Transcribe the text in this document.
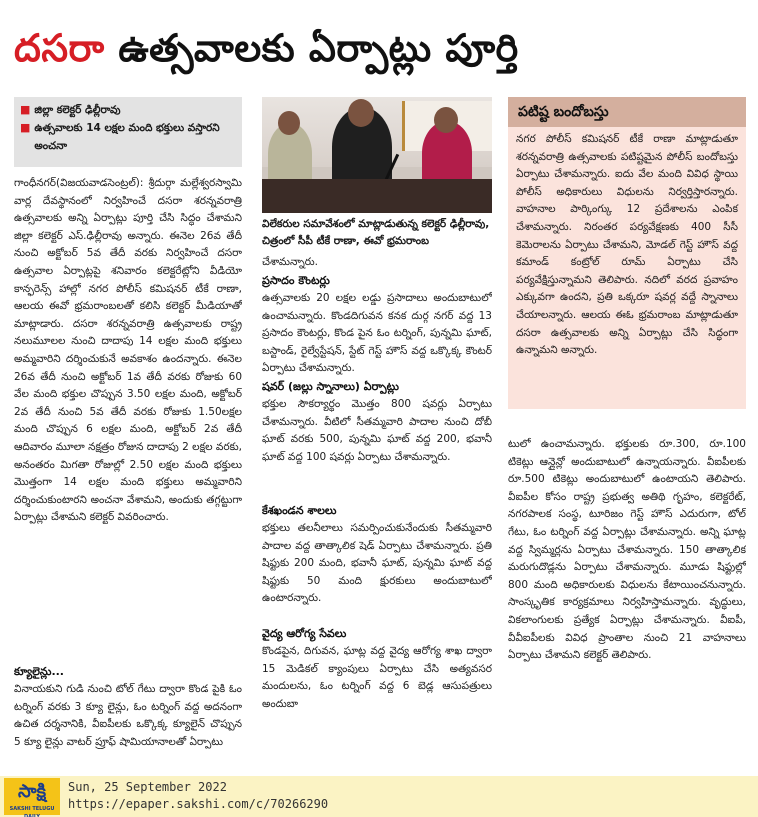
దసరా ఉత్సవాలకు ఏర్పాట్లు పూర్తి
■ జిల్లా కలెక్టర్ ఢిల్లీరావు
■ ఉత్సవాలకు 14 లక్షల మంది భక్తులు వస్తారని అంచనా
గాంధీనగర్(విజయవాడసెంట్రల్): శ్రీదుర్గా మల్లేశ్వరస్వామి వార్ల దేవస్థానంలో నిర్వహించే దసరా శరన్నవరాత్రి ఉత్సవాలకు అన్ని ఏర్పాట్లు పూర్తి చేసి సిద్ధం చేశామని జిల్లా కలెక్టర్ ఎస్.ఢిల్లీరావు అన్నారు. ఈనెల 26వ తేదీ నుంచి అక్టోబర్ 5వ తేదీ వరకు నిర్వహించే దసరా ఉత్సవాల ఏర్పాట్లపై శనివారం కలెక్టరేట్లోని వీడియో కాన్ఫరెన్స్ హాల్లో నగర పోలీస్ కమిషనర్ టీకే రాణా, ఆలయ ఈవో భ్రమరాంబలతో కలిసి కలెక్టర్ మీడియాతో మాట్లాడారు. దసరా శరన్నవరాత్రి ఉత్సవాలకు రాష్ట్ర నలుమూలల నుంచి దాదాపు 14 లక్షల మంది భక్తులు అమ్మవారిని దర్శించుకునే అవకాశం ఉందన్నారు. ఈనెల 26వ తేదీ నుంచి అక్టోబర్ 1వ తేదీ వరకు రోజుకు 60 వేల మంది భక్తుల చొప్పున 3.50 లక్షల మంది, అక్టోబర్ 2వ తేదీ నుంచి 5వ తేదీ వరకు రోజుకు 1.50లక్షల మంది చొప్పున 6 లక్షల మంది, అక్టోబర్ 2వ తేదీ ఆదివారం మూలా నక్షత్రం రోజున దాదాపు 2 లక్షల వరకు, అనంతరం మిగతా రోజుల్లో 2.50 లక్షల మంది భక్తులు మొత్తంగా 14 లక్షల మంది భక్తులు అమ్మవారిని దర్శించుకుంటారని అంచనా వేశామని, అందుకు తగ్గట్టుగా ఏర్పాట్లు చేశామని కలెక్టర్ వివరించారు.
క్యూలైన్లు...
వినాయకుని గుడి నుంచి టోల్ గేటు ద్వారా కొండ పైకి ఓం టర్నింగ్ వరకు 3 క్యూ లైన్లు, ఓం టర్నింగ్ వద్ద అదనంగా ఉచిత దర్శనానికి, వీఐపీలకు ఒక్కొక్క క్యూలైన్ చొప్పున 5 క్యూ లైన్లు వాటర్ ప్రూఫ్ షామియానాలతో ఏర్పాటు
విలేకరుల సమావేశంలో మాట్లాడుతున్న కలెక్టర్ ఢిల్లీరావు, చిత్రంలో సీపీ టీకే రాణా, ఈవో భ్రమరాంబ
చేశామన్నారు.
ప్రసాదం కౌంటర్లు
ఉత్సవాలకు 20 లక్షల లడ్డు ప్రసాదాలు అందుబాటులో ఉంచామన్నారు. కొండదిగువన కనక దుర్గ నగర్ వద్ద 13 ప్రసాదం కౌంటర్లు, కొండ పైన ఓం టర్నింగ్, పున్నమి ఘాట్, బస్టాండ్, రైల్వేస్టేషన్, స్టేట్ గెస్ట్ హౌస్ వద్ద ఒక్కొక్క కౌంటర్ ఏర్పాటు చేశామన్నారు.
షవర్ (జల్లు స్నానాలు) ఏర్పాట్లు
భక్తుల సౌకర్యార్థం మొత్తం 800 షవర్లు ఏర్పాటు చేశామన్నారు. వీటిలో సీతమ్మవారి పాదాల నుంచి దోబీ ఘాట్ వరకు 500, పున్నమి ఘాట్ వద్ద 200, భవానీ ఘాట్ వద్ద 100 షవర్లు ఏర్పాటు చేశామన్నారు.
కేశఖండన శాలలు
భక్తులు తలనీలాలు సమర్పించుకునేందుకు సీతమ్మవారి పాదాల వద్ద తాత్కాలిక షెడ్ ఏర్పాటు చేశామన్నారు. ప్రతి షిఫ్టుకు 200 మంది, భవానీ ఘాట్, పున్నమి ఘాట్ వద్ద షిఫ్టుకు 50 మంది క్షురకులు అందుబాటులో ఉంటారన్నారు.
వైద్య ఆరోగ్య సేవలు
కొండపైన, దిగువన, ఘాట్ల వద్ద వైద్య ఆరోగ్య శాఖ ద్వారా 15 మెడికల్ క్యాంపులు ఏర్పాటు చేసి అత్యవసర మందులను, ఓం టర్నింగ్ వద్ద 6 బెడ్ల ఆసుపత్రులు అందుబా
పటిష్ట బందోబస్తు
నగర పోలీస్ కమిషనర్ టీకే రాణా మాట్లాడుతూ శరన్నవరాత్రి ఉత్సవాలకు పటిష్టమైన పోలీస్ బందోబస్తు ఏర్పాటు చేశామన్నారు. ఐదు వేల మంది వివిధ స్థాయి పోలీస్ అధికారులు విధులను నిర్వర్తిస్తారన్నారు. వాహనాల పార్కింగ్కు 12 ప్రదేశాలను ఎంపిక చేశామన్నారు. నిరంతర పర్యవేక్షణకు 400 సీసీ కెమెరాలను ఏర్పాటు చేశామని, మోడల్ గెస్ట్ హౌస్ వద్ద కమాండ్ కంట్రోల్ రూమ్ ఏర్పాటు చేసి పర్యవేక్షిస్తున్నామని తెలిపారు. నదిలో వరద ప్రవాహం ఎక్కువగా ఉందని, ప్రతి ఒక్కరూ షవర్ల వద్దే స్నానాలు చేయాలన్నారు. ఆలయ ఈఓ భ్రమరాంబ మాట్లాడుతూ దసరా ఉత్సవాలకు అన్ని ఏర్పాట్లు చేసి సిద్ధంగా ఉన్నామని అన్నారు.
టులో ఉంచామన్నారు. భక్తులకు రూ.300, రూ.100 టికెట్లు ఆన్లైన్లో అందుబాటులో ఉన్నాయన్నారు. వీఐపీలకు రూ.500 టికెట్లు అందుబాటులో ఉంటాయని తెలిపారు. వీఐపీల కోసం రాష్ట్ర ప్రభుత్వ అతిథి గృహం, కలెక్టరేట్, నగరపాలక సంస్థ, టూరిజం గెస్ట్ హౌస్ ఎదురుగా, టోల్ గేటు, ఓం టర్నింగ్ వద్ద ఏర్పాట్లు చేశామన్నారు. అన్ని ఘాట్ల వద్ద స్విమ్మర్లను ఏర్పాటు చేశామన్నారు. 150 తాత్కాలిక మరుగుదొడ్లను ఏర్పాటు చేశామన్నారు. మూడు షిఫ్టుల్లో 800 మంది అధికారులకు విధులను కేటాయించనున్నారు. సాంస్కృతిక కార్యక్రమాలు నిర్వహిస్తామన్నారు. వృద్ధులు, వికలాంగులకు ప్రత్యేక ఏర్పాట్లు చేశామన్నారు. వీఐపీ, వీవీఐపీలకు వివిధ ప్రాంతాల నుంచి 21 వాహనాలు ఏర్పాటు చేశామని కలెక్టర్ తెలిపారు.
సాక్షి
SAKSHI TELUGU DAILY
Sun, 25 September 2022
https://epaper.sakshi.com/c/70266290
